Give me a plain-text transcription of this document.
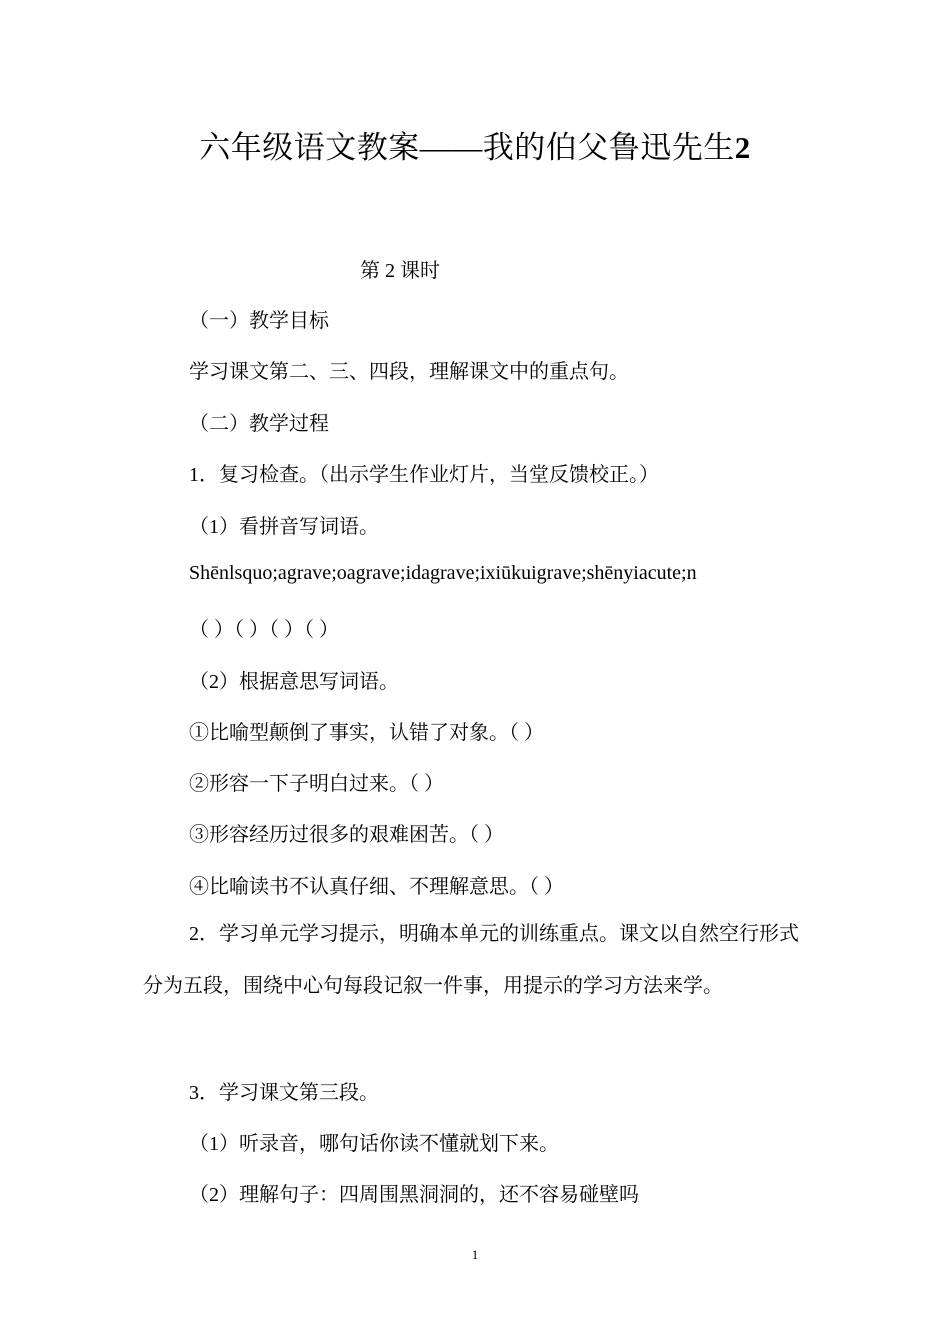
六年级语文教案——我的伯父鲁迅先生2
第 2 课时
（一）教学目标
学习课文第二、三、四段，理解课文中的重点句。
（二）教学过程
1．复习检查。（出示学生作业灯片，当堂反馈校正。）
（1）看拼音写词语。
Shēnlsquo;agrave;oagrave;idagrave;ixiūkuigrave;shēnyiacute;n
（ ）（ ）（ ）（ ）
（2）根据意思写词语。
①比喻型颠倒了事实，认错了对象。（ ）
②形容一下子明白过来。（ ）
③形容经历过很多的艰难困苦。（ ）
④比喻读书不认真仔细、不理解意思。（ ）

2．学习单元学习提示，明确本单元的训练重点。课文以自然空行形式分为五段，围绕中心句每段记叙一件事，用提示的学习方法来学。

3．学习课文第三段。
（1）听录音，哪句话你读不懂就划下来。
（2）理解句子：四周围黑洞洞的，还不容易碰壁吗
1
